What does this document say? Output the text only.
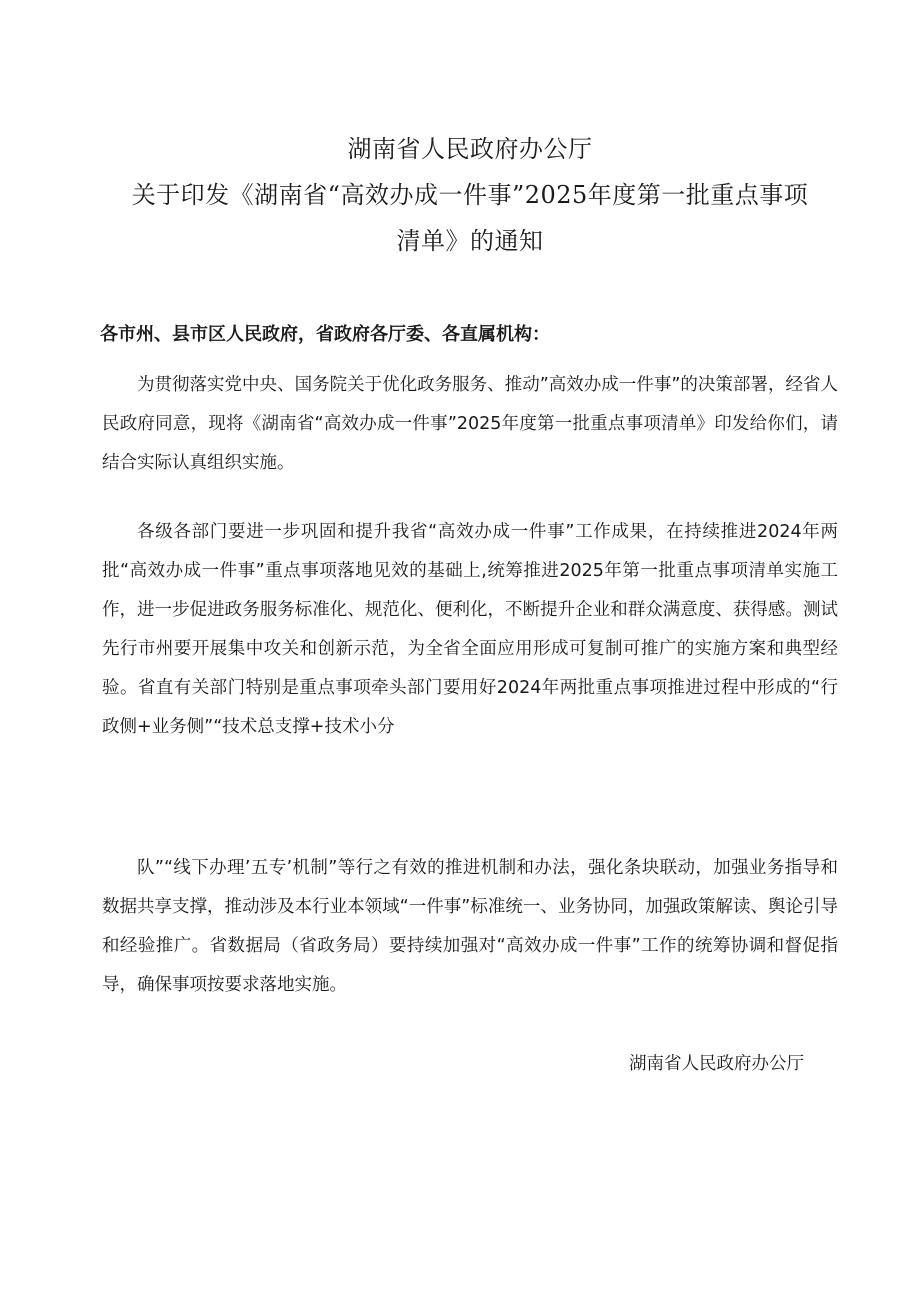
湖南省人民政府办公厅
关于印发《湖南省“高效办成一件事”2025年度第一批重点事项
清单》的通知
各市州、县市区人民政府，省政府各厅委、各直属机构：

为贯彻落实党中央、国务院关于优化政务服务、推动”高效办成一件事”的决策部署，经省人民政府同意，现将《湖南省“高效办成一件事”2025年度第一批重点事项清单》印发给你们，请结合实际认真组织实施。

各级各部门要进一步巩固和提升我省“高效办成一件事”工作成果，在持续推进2024年两批“高效办成一件事”重点事项落地见效的基础上,统筹推进2025年第一批重点事项清单实施工作，进一步促进政务服务标准化、规范化、便利化，不断提升企业和群众满意度、获得感。测试先行市州要开展集中攻关和创新示范，为全省全面应用形成可复制可推广的实施方案和典型经验。省直有关部门特别是重点事项牵头部门要用好2024年两批重点事项推进过程中形成的“行政侧+业务侧”“技术总支撑+技术小分

队”“线下办理’五专’机制”等行之有效的推进机制和办法，强化条块联动，加强业务指导和数据共享支撑，推动涉及本行业本领域“一件事”标准统一、业务协同，加强政策解读、舆论引导和经验推广。省数据局（省政务局）要持续加强对“高效办成一件事”工作的统筹协调和督促指导，确保事项按要求落地实施。

湖南省人民政府办公厅
